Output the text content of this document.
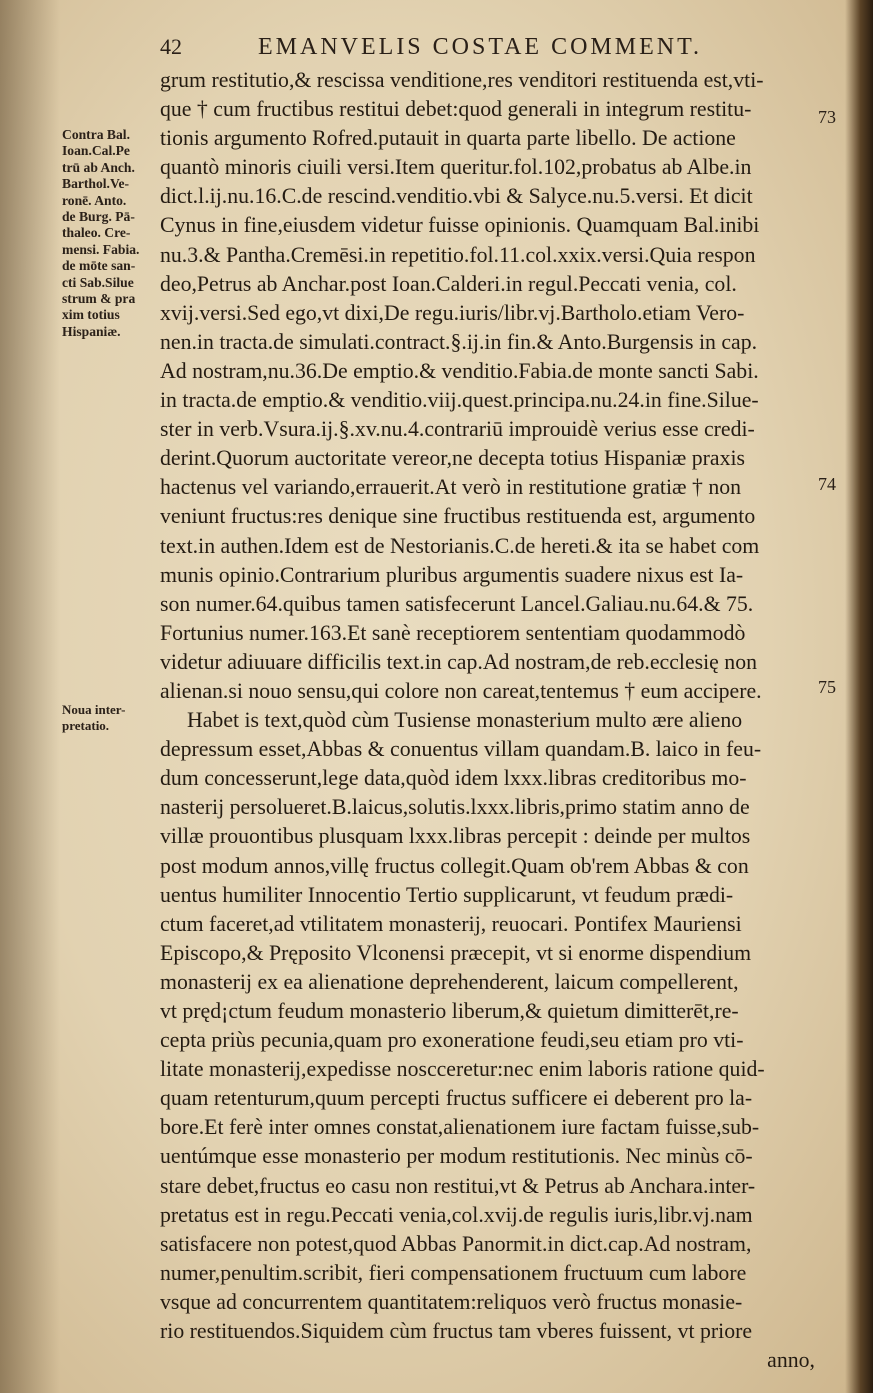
42	EMANVELIS COSTAE COMMENT.
grum restitutio,& rescissa venditione,res venditori restituenda est,vti-
que † cum fructibus restitui debet:quod generali in integrum restitu-
tionis argumento Rofred.putauit in quarta parte libello. De actione
quantò minoris ciuili versi.Item queritur.fol.102,probatus ab Albe.in
dict.l.ij.nu.16.C.de rescind.venditio.vbi & Salyce.nu.5.versi. Et dicit
Cynus in fine,eiusdem videtur fuisse opinionis. Quamquam Bal.inibi
nu.3.& Pantha.Cremēsi.in repetitio.fol.11.col.xxix.versi.Quia respon
deo,Petrus ab Anchar.post Ioan.Calderi.in regul.Peccati venia, col.
xvij.versi.Sed ego,vt dixi,De regu.iuris/libr.vj.Bartholo.etiam Vero-
nen.in tracta.de simulati.contract.§.ij.in fin.& Anto.Burgensis in cap.
Ad nostram,nu.36.De emptio.& venditio.Fabia.de monte sancti Sabi.
in tracta.de emptio.& venditio.viij.quest.principa.nu.24.in fine.Silue-
ster in verb.Vsura.ij.§.xv.nu.4.contrariū improuidè verius esse credi-
derint.Quorum auctoritate vereor,ne decepta totius Hispaniæ praxis
hactenus vel variando,errauerit.At verò in restitutione gratiæ † non
veniunt fructus:res denique sine fructibus restituenda est, argumento
text.in authen.Idem est de Nestorianis.C.de hereti.& ita se habet com
munis opinio.Contrarium pluribus argumentis suadere nixus est Ia-
son numer.64.quibus tamen satisfecerunt Lancel.Galiau.nu.64.& 75.
Fortunius numer.163.Et sanè receptiorem sententiam quodammodò
videtur adiuuare difficilis text.in cap.Ad nostram,de reb.ecclesię non
alienan.si nouo sensu,qui colore non careat,tentemus † eum accipere.
Habet is text,quòd cùm Tusiense monasterium multo ære alieno
depressum esset,Abbas & conuentus villam quandam.B. laico in feu-
dum concesserunt,lege data,quòd idem lxxx.libras creditoribus mo-
nasterij persolueret.B.laicus,solutis.lxxx.libris,primo statim anno de
villæ prouontibus plusquam lxxx.libras percepit : deinde per multos
post modum annos,villę fructus collegit.Quam ob'rem Abbas & con
uentus humiliter Innocentio Tertio supplicarunt, vt feudum prædi-
ctum faceret,ad vtilitatem monasterij, reuocari. Pontifex Mauriensi
Episcopo,& Pręposito Vlconensi præcepit, vt si enorme dispendium
monasterij ex ea alienatione deprehenderent, laicum compellerent,
vt pręd¡ctum feudum monasterio liberum,& quietum dimitterēt,re-
cepta priùs pecunia,quam pro exoneratione feudi,seu etiam pro vti-
litate monasterij,expedisse noscceretur:nec enim laboris ratione quid-
quam retenturum,quum percepti fructus sufficere ei deberent pro la-
bore.Et ferè inter omnes constat,alienationem iure factam fuisse,sub-
uentúmque esse monasterio per modum restitutionis. Nec minùs cō-
stare debet,fructus eo casu non restitui,vt & Petrus ab Anchara.inter-
pretatus est in regu.Peccati venia,col.xvij.de regulis iuris,libr.vj.nam
satisfacere non potest,quod Abbas Panormit.in dict.cap.Ad nostram,
numer,penultim.scribit, fieri compensationem fructuum cum labore
vsque ad concurrentem quantitatem:reliquos verò fructus monasie-
rio restituendos.Siquidem cùm fructus tam vberes fuissent, vt priore
anno,
Contra Bal.
Ioan.Cal.Pe
trū ab Anch.
Barthol.Ve-
ronē. Anto.
de Burg. Pā-
thaleo. Cre-
mensi. Fabia.
de mōte san-
cti Sab.Silue
strum & pra
xim totius
Hispaniæ.
Noua inter-
pretatio.
73
74
75
